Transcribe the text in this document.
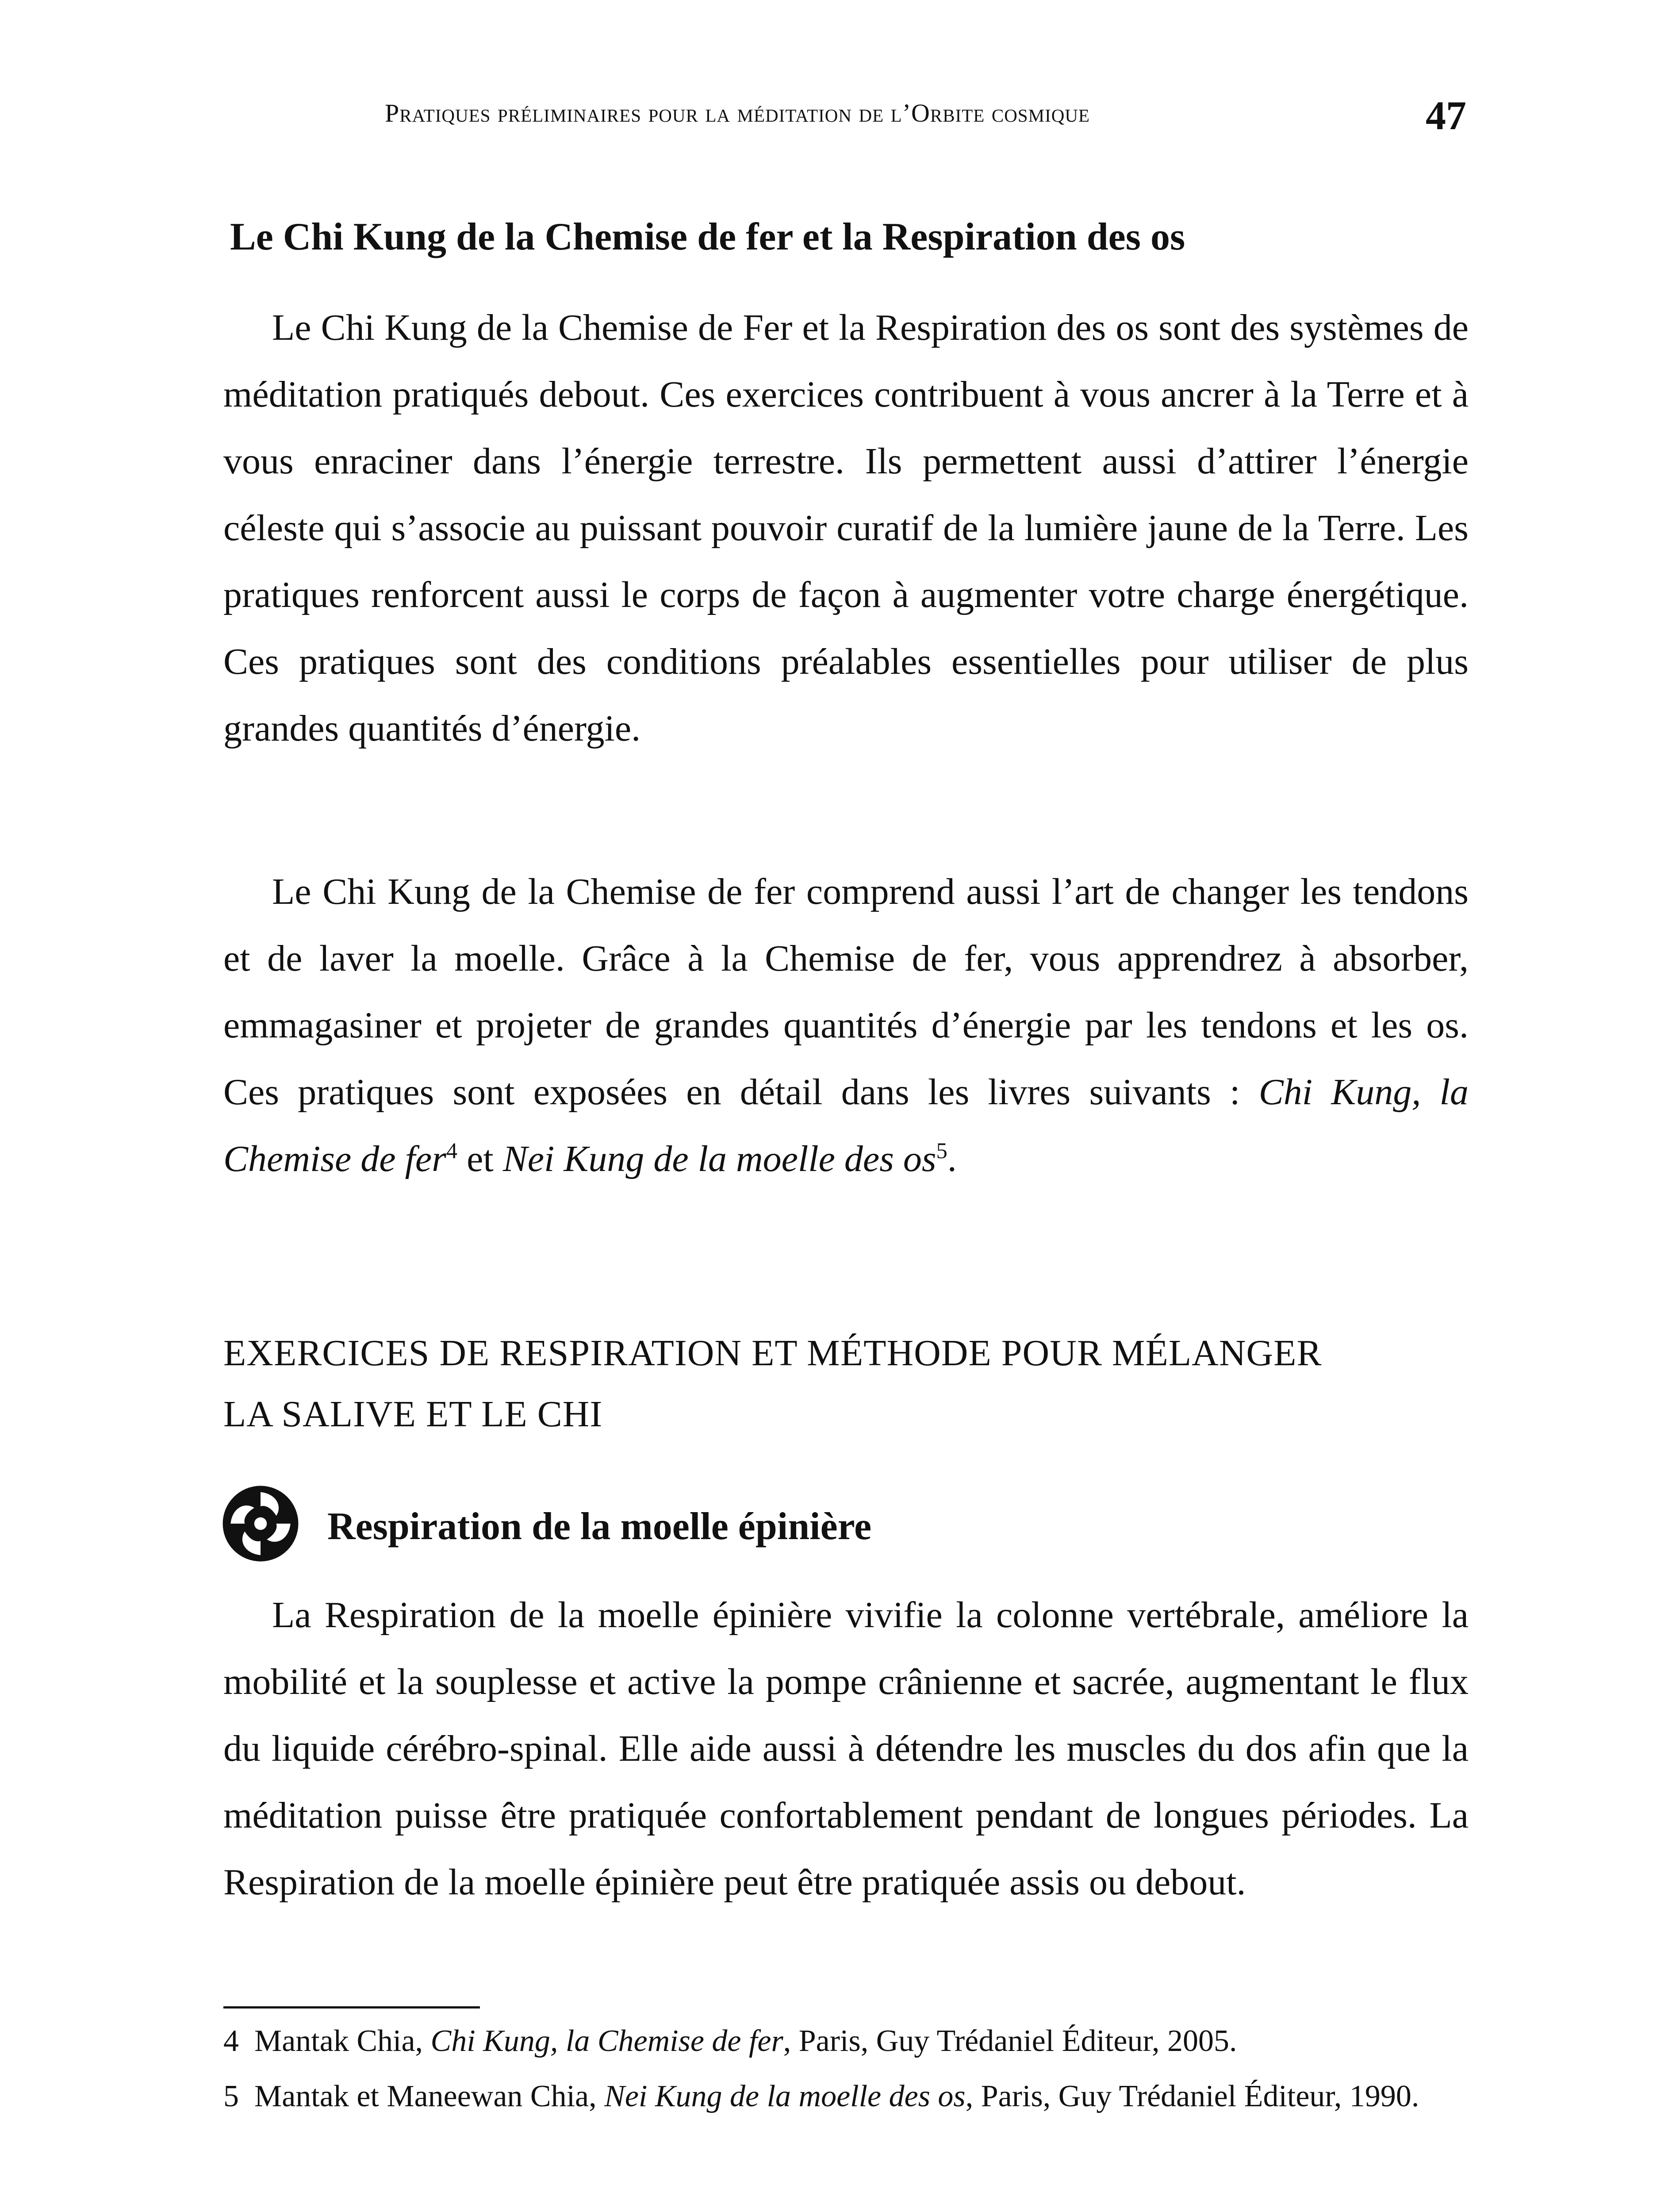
Pratiques préliminaires pour la méditation de l’Orbite cosmique	47
Le Chi Kung de la Chemise de fer et la Respiration des os

Le Chi Kung de la Chemise de Fer et la Respiration des os sont des systèmes de méditation pratiqués debout. Ces exercices contribuent à vous ancrer à la Terre et à vous enraciner dans l’énergie terrestre. Ils permettent aussi d’attirer l’énergie céleste qui s’associe au puissant pouvoir curatif de la lumière jaune de la Terre. Les pratiques renforcent aussi le corps de façon à augmenter votre charge énergétique. Ces pratiques sont des conditions préalables essentielles pour utiliser de plus grandes quantités d’énergie.

Le Chi Kung de la Chemise de fer comprend aussi l’art de changer les tendons et de laver la moelle. Grâce à la Chemise de fer, vous apprendrez à absorber, emmagasiner et projeter de grandes quantités d’énergie par les tendons et les os. Ces pratiques sont exposées en détail dans les livres suivants : Chi Kung, la Chemise de fer$^4$ et Nei Kung de la moelle des $os^5$.

EXERCICES DE RESPIRATION ET MÉTHODE POUR MÉLANGER
LA SALIVE ET LE CHI
Respiration de la moelle épinière

La Respiration de la moelle épinière vivifie la colonne vertébrale, améliore la mobilité et la souplesse et active la pompe crânienne et sacrée, augmentant le flux du liquide cérébro-spinal. Elle aide aussi à détendre les muscles du dos afin que la méditation puisse être pratiquée confortablement pendant de longues périodes. La Respiration de la moelle épinière peut être pratiquée assis ou debout.

4 Mantak Chia, Chi Kung, la Chemise de fer, Paris, Guy Trédaniel Éditeur, 2005.

5 Mantak et Maneewan Chia, Nei Kung de la moelle des os, Paris, Guy Trédaniel Éditeur, 1990.
